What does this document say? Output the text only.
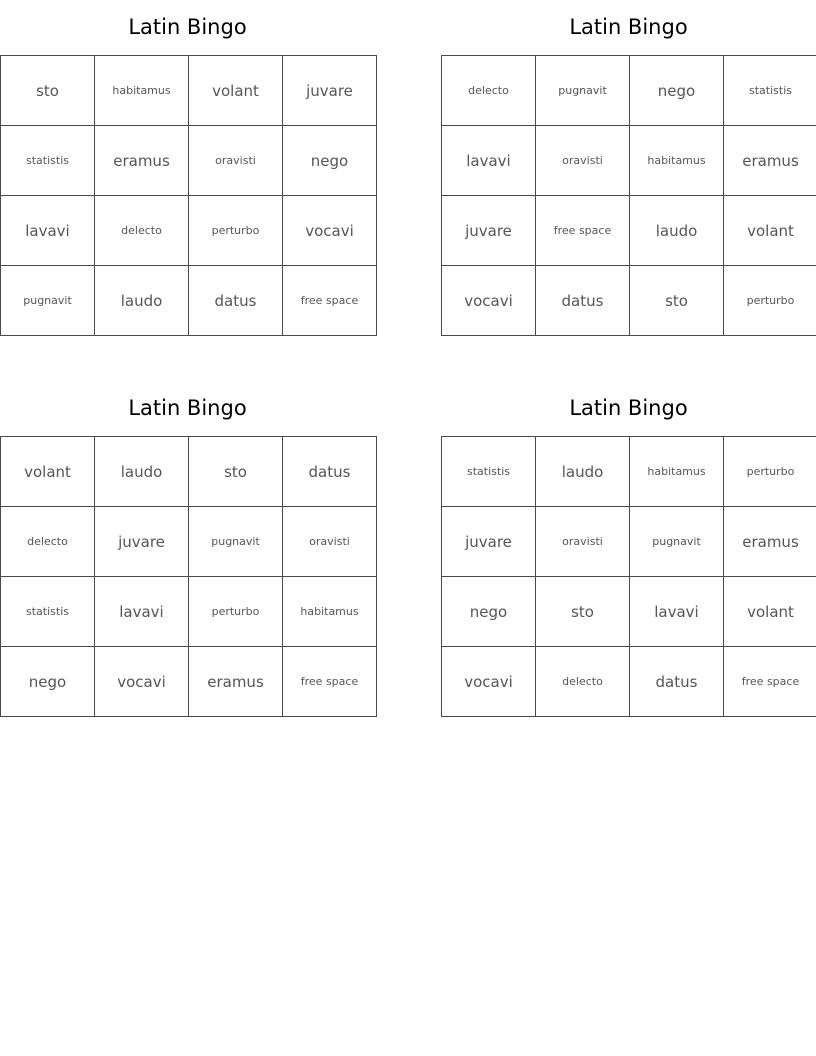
Latin Bingo
sto	habitamus	volant	juvare
statistis	eramus	oravisti	nego
lavavi	delecto	perturbo	vocavi
pugnavit	laudo	datus	free space
Latin Bingo
delecto	pugnavit	nego	statistis
lavavi	oravisti	habitamus	eramus
juvare	free space	laudo	volant
vocavi	datus	sto	perturbo
Latin Bingo
volant	laudo	sto	datus
delecto	juvare	pugnavit	oravisti
statistis	lavavi	perturbo	habitamus
nego	vocavi	eramus	free space
Latin Bingo
statistis	laudo	habitamus	perturbo
juvare	oravisti	pugnavit	eramus
nego	sto	lavavi	volant
vocavi	delecto	datus	free space
